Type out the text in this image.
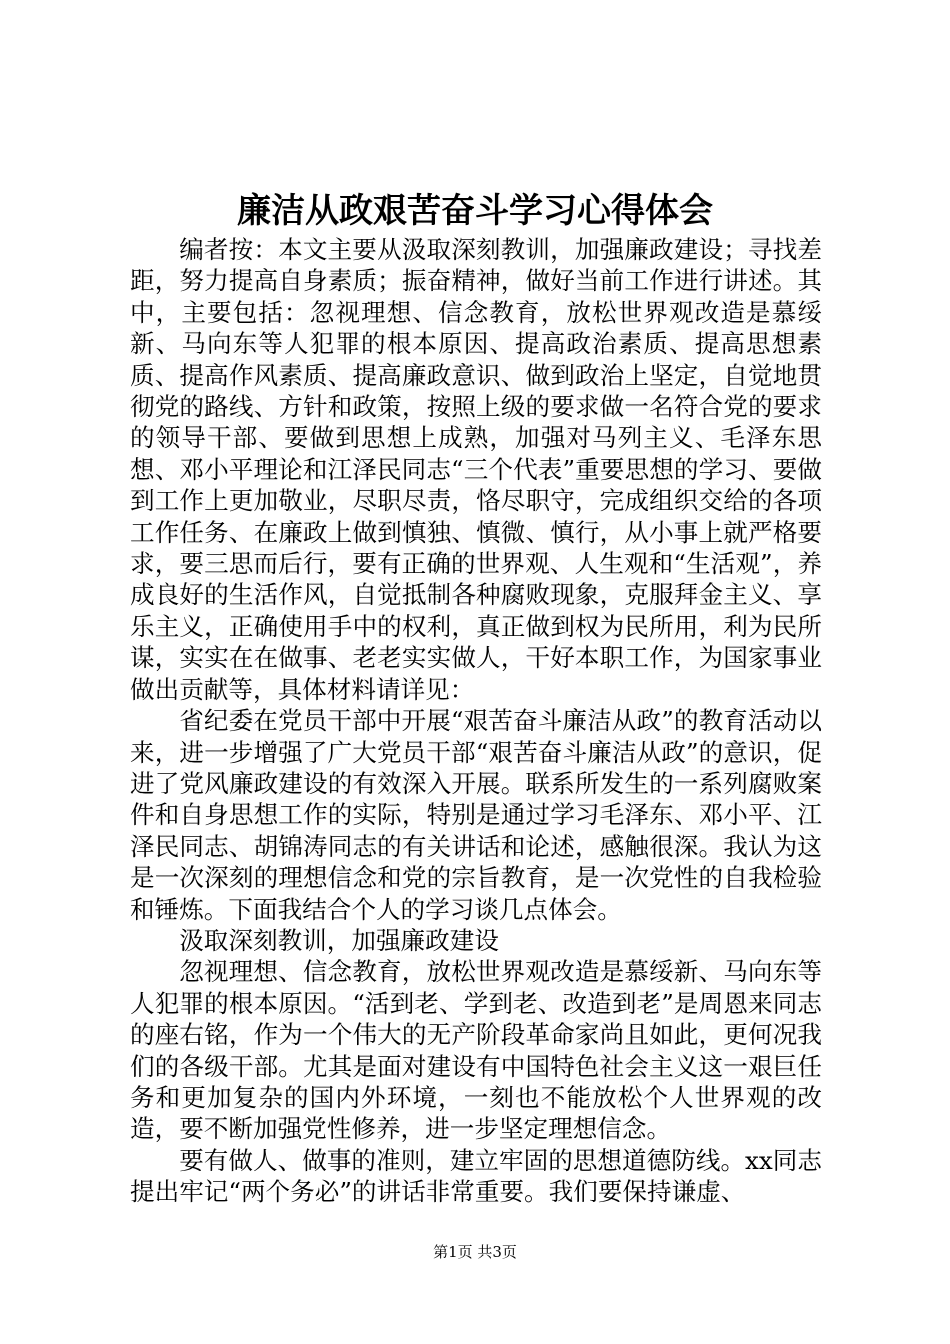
廉洁从政艰苦奋斗学习心得体会

编者按：本文主要从汲取深刻教训，加强廉政建设；寻找差距，努力提高自身素质；振奋精神，做好当前工作进行讲述。其中，主要包括：忽视理想、信念教育，放松世界观改造是慕绥新、马向东等人犯罪的根本原因、提高政治素质、提高思想素质、提高作风素质、提高廉政意识、做到政治上坚定，自觉地贯彻党的路线、方针和政策，按照上级的要求做一名符合党的要求的领导干部、要做到思想上成熟，加强对马列主义、毛泽东思想、邓小平理论和江泽民同志“三个代表”重要思想的学习、要做到工作上更加敬业，尽职尽责，恪尽职守，完成组织交给的各项工作任务、在廉政上做到慎独、慎微、慎行，从小事上就严格要求，要三思而后行，要有正确的世界观、人生观和“生活观”，养成良好的生活作风，自觉抵制各种腐败现象，克服拜金主义、享乐主义，正确使用手中的权利，真正做到权为民所用，利为民所谋，实实在在做事、老老实实做人，干好本职工作，为国家事业做出贡献等，具体材料请详见：

省纪委在党员干部中开展“艰苦奋斗廉洁从政”的教育活动以来，进一步增强了广大党员干部“艰苦奋斗廉洁从政”的意识，促进了党风廉政建设的有效深入开展。联系所发生的一系列腐败案件和自身思想工作的实际，特别是通过学习毛泽东、邓小平、江泽民同志、胡锦涛同志的有关讲话和论述，感触很深。我认为这是一次深刻的理想信念和党的宗旨教育，是一次党性的自我检验和锤炼。下面我结合个人的学习谈几点体会。

汲取深刻教训，加强廉政建设

忽视理想、信念教育，放松世界观改造是慕绥新、马向东等人犯罪的根本原因。“活到老、学到老、改造到老”是周恩来同志的座右铭，作为一个伟大的无产阶段革命家尚且如此，更何况我们的各级干部。尤其是面对建设有中国特色社会主义这一艰巨任务和更加复杂的国内外环境，一刻也不能放松个人世界观的改造，要不断加强党性修养，进一步坚定理想信念。

要有做人、做事的准则，建立牢固的思想道德防线。xx同志提出牢记“两个务必”的讲话非常重要。我们要保持谦虚、

第1页 共3页
